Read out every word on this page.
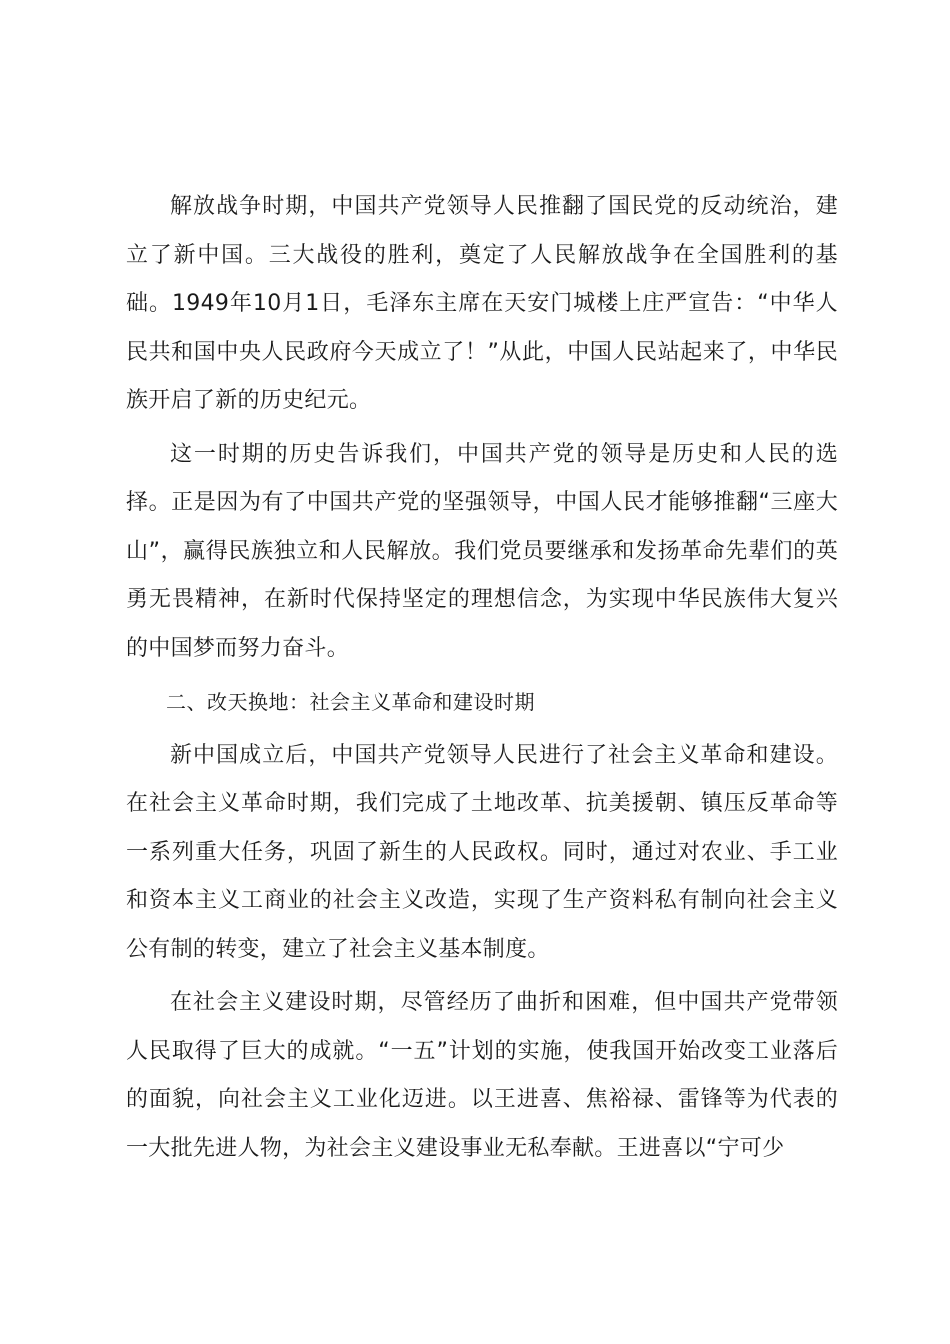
解放战争时期，中国共产党领导人民推翻了国民党的反动统治，建立了新中国。三大战役的胜利，奠定了人民解放战争在全国胜利的基础。1949年10月1日，毛泽东主席在天安门城楼上庄严宣告：“中华人民共和国中央人民政府今天成立了！”从此，中国人民站起来了，中华民族开启了新的历史纪元。

这一时期的历史告诉我们，中国共产党的领导是历史和人民的选择。正是因为有了中国共产党的坚强领导，中国人民才能够推翻“三座大山”，赢得民族独立和人民解放。我们党员要继承和发扬革命先辈们的英勇无畏精神，在新时代保持坚定的理想信念，为实现中华民族伟大复兴的中国梦而努力奋斗。

二、改天换地：社会主义革命和建设时期

新中国成立后，中国共产党领导人民进行了社会主义革命和建设。在社会主义革命时期，我们完成了土地改革、抗美援朝、镇压反革命等一系列重大任务，巩固了新生的人民政权。同时，通过对农业、手工业和资本主义工商业的社会主义改造，实现了生产资料私有制向社会主义公有制的转变，建立了社会主义基本制度。

在社会主义建设时期，尽管经历了曲折和困难，但中国共产党带领人民取得了巨大的成就。“一五”计划的实施，使我国开始改变工业落后的面貌，向社会主义工业化迈进。以王进喜、焦裕禄、雷锋等为代表的一大批先进人物，为社会主义建设事业无私奉献。王进喜以“宁可少
